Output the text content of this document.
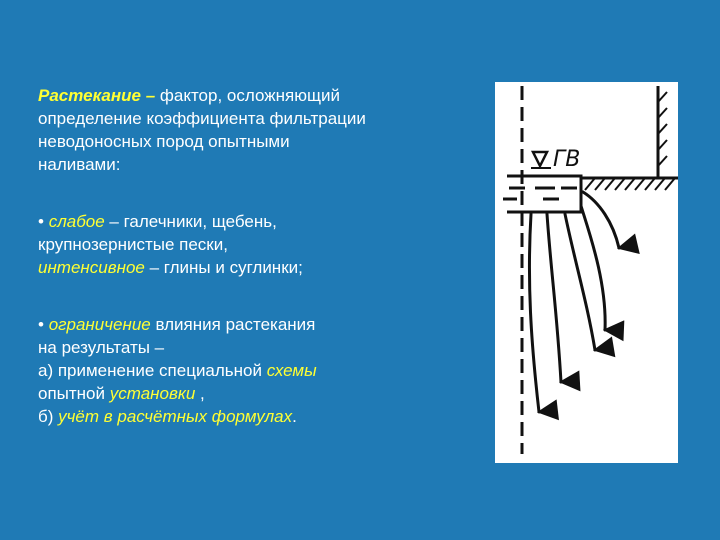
Растекание – фактор, осложняющий
определение коэффициента фильтрации
неводоносных пород опытными
наливами:

• слабое – галечники, щебень,
крупнозернистые пески,
интенсивное – глины и суглинки;

• ограничение влияния растекания
на результаты –
а) применение специальной схемы
опытной установки ,
б) учёт в расчётных формулах.

ГВ
